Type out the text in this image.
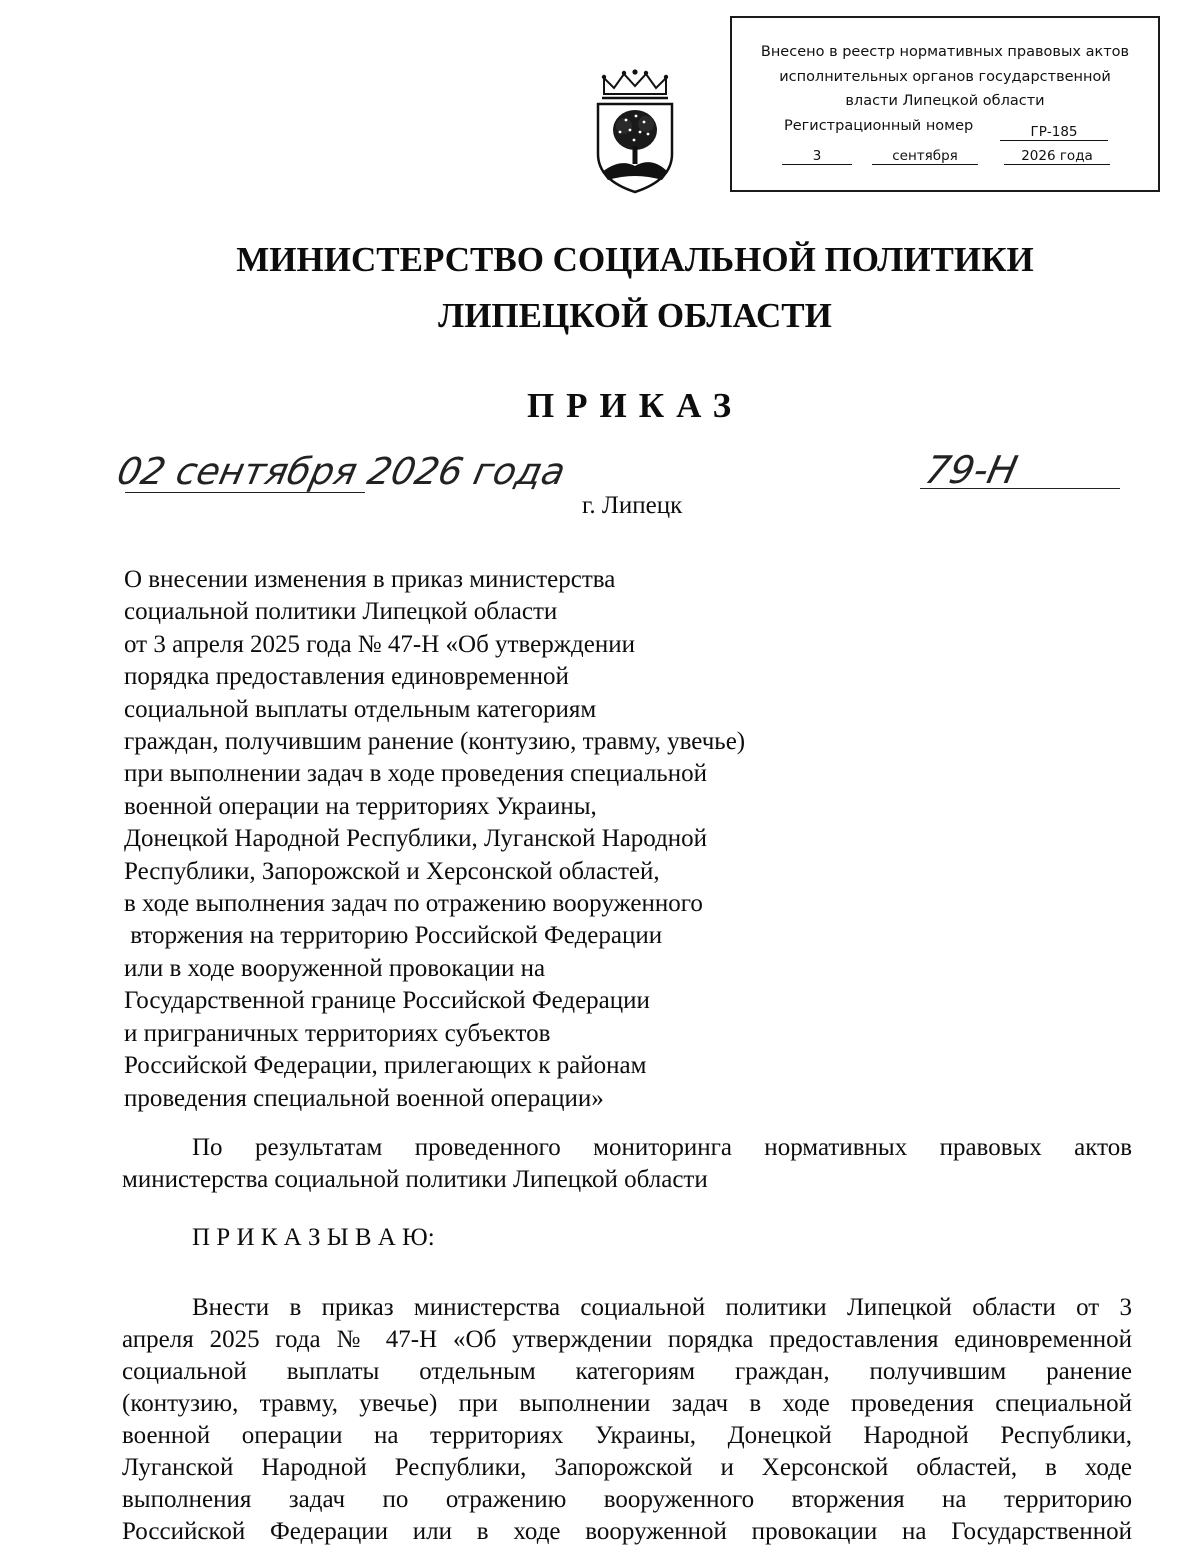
Внесено в реестр нормативных правовых актов
исполнительных органов государственной
власти Липецкой области
Регистрационный номер	ГР-185
3	сентября	2026 года
МИНИСТЕРСТВО СОЦИАЛЬНОЙ ПОЛИТИКИ
ЛИПЕЦКОЙ ОБЛАСТИ
ПРИКАЗ
02 сентября 2026 года	79-Н
г. Липецк
О внесении изменения в приказ министерства
социальной политики Липецкой области
от 3 апреля 2025 года № 47-Н «Об утверждении
порядка предоставления единовременной
социальной выплаты отдельным категориям
граждан, получившим ранение (контузию, травму, увечье)
при выполнении задач в ходе проведения специальной
военной операции на территориях Украины,
Донецкой Народной Республики, Луганской Народной
Республики, Запорожской и Херсонской областей,
в ходе выполнения задач по отражению вооруженного
вторжения на территорию Российской Федерации
или в ходе вооруженной провокации на
Государственной границе Российской Федерации
и приграничных территориях субъектов
Российской Федерации, прилегающих к районам
проведения специальной военной операции»
По результатам проведенного мониторинга нормативных правовых актов
министерства социальной политики Липецкой области
П Р И К А З Ы В А Ю:
Внести в приказ министерства социальной политики Липецкой области от 3
апреля 2025 года № 47-Н «Об утверждении порядка предоставления единовременной
социальной выплаты отдельным категориям граждан, получившим ранение
(контузию, травму, увечье) при выполнении задач в ходе проведения специальной
военной операции на территориях Украины, Донецкой Народной Республики,
Луганской Народной Республики, Запорожской и Херсонской областей, в ходе
выполнения задач по отражению вооруженного вторжения на территорию
Российской Федерации или в ходе вооруженной провокации на Государственной
